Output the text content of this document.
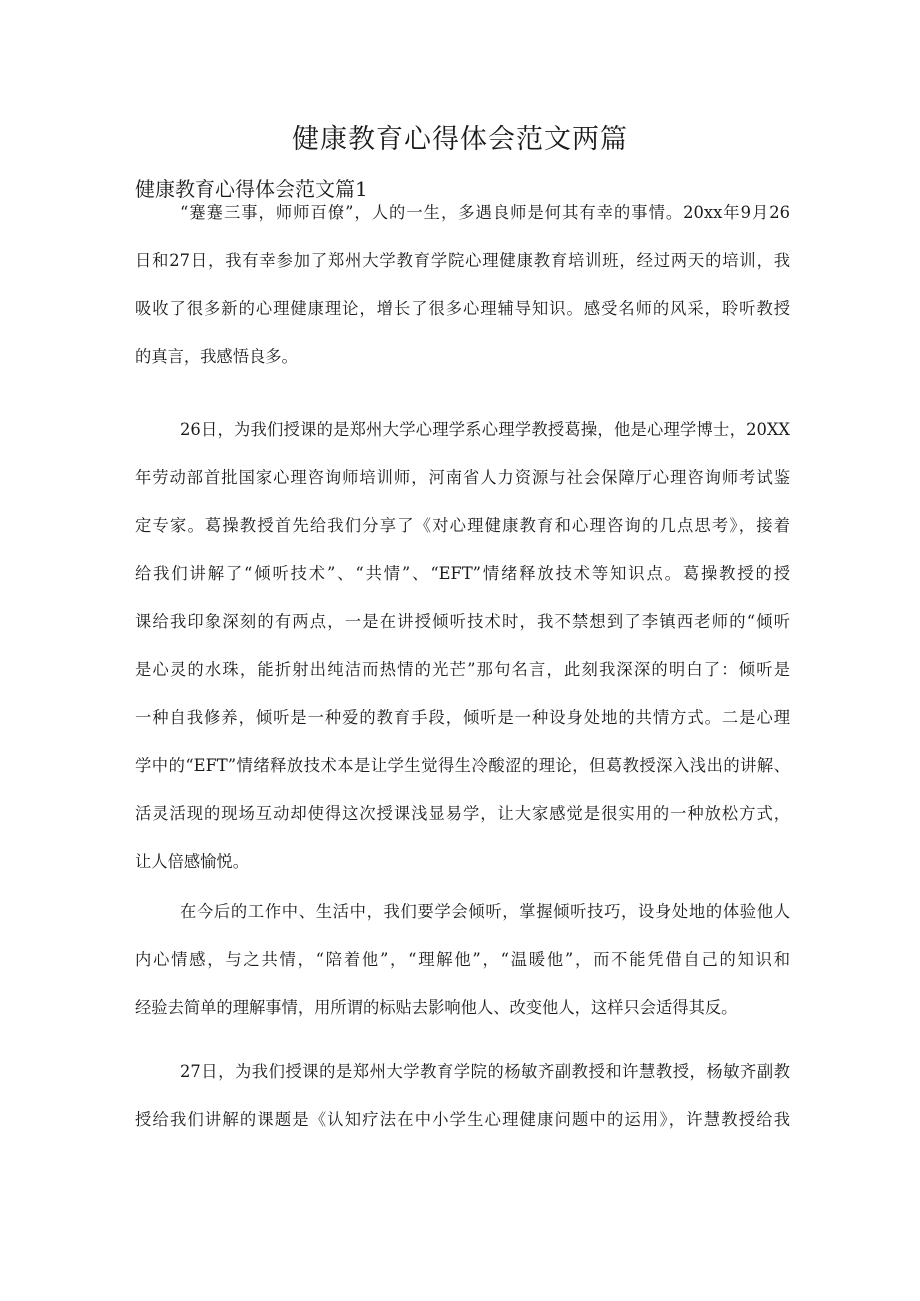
健康教育心得体会范文两篇
健康教育心得体会范文篇1
“蹇蹇三事，师师百僚”，人的一生，多遇良师是何其有幸的事情。20xx年9月26
日和27日，我有幸参加了郑州大学教育学院心理健康教育培训班，经过两天的培训，我
吸收了很多新的心理健康理论，增长了很多心理辅导知识。感受名师的风采，聆听教授
的真言，我感悟良多。
26日，为我们授课的是郑州大学心理学系心理学教授葛操，他是心理学博士，20XX
年劳动部首批国家心理咨询师培训师，河南省人力资源与社会保障厅心理咨询师考试鉴
定专家。葛操教授首先给我们分享了《对心理健康教育和心理咨询的几点思考》，接着
给我们讲解了“倾听技术”、“共情”、“EFT”情绪释放技术等知识点。葛操教授的授
课给我印象深刻的有两点，一是在讲授倾听技术时，我不禁想到了李镇西老师的“倾听
是心灵的水珠，能折射出纯洁而热情的光芒”那句名言，此刻我深深的明白了：倾听是
一种自我修养，倾听是一种爱的教育手段，倾听是一种设身处地的共情方式。二是心理
学中的“EFT”情绪释放技术本是让学生觉得生冷酸涩的理论，但葛教授深入浅出的讲解、
活灵活现的现场互动却使得这次授课浅显易学，让大家感觉是很实用的一种放松方式，
让人倍感愉悦。
在今后的工作中、生活中，我们要学会倾听，掌握倾听技巧，设身处地的体验他人
内心情感，与之共情，“陪着他”，“理解他”，“温暖他”，而不能凭借自己的知识和
经验去简单的理解事情，用所谓的标贴去影响他人、改变他人，这样只会适得其反。
27日，为我们授课的是郑州大学教育学院的杨敏齐副教授和许慧教授，杨敏齐副教
授给我们讲解的课题是《认知疗法在中小学生心理健康问题中的运用》，许慧教授给我
